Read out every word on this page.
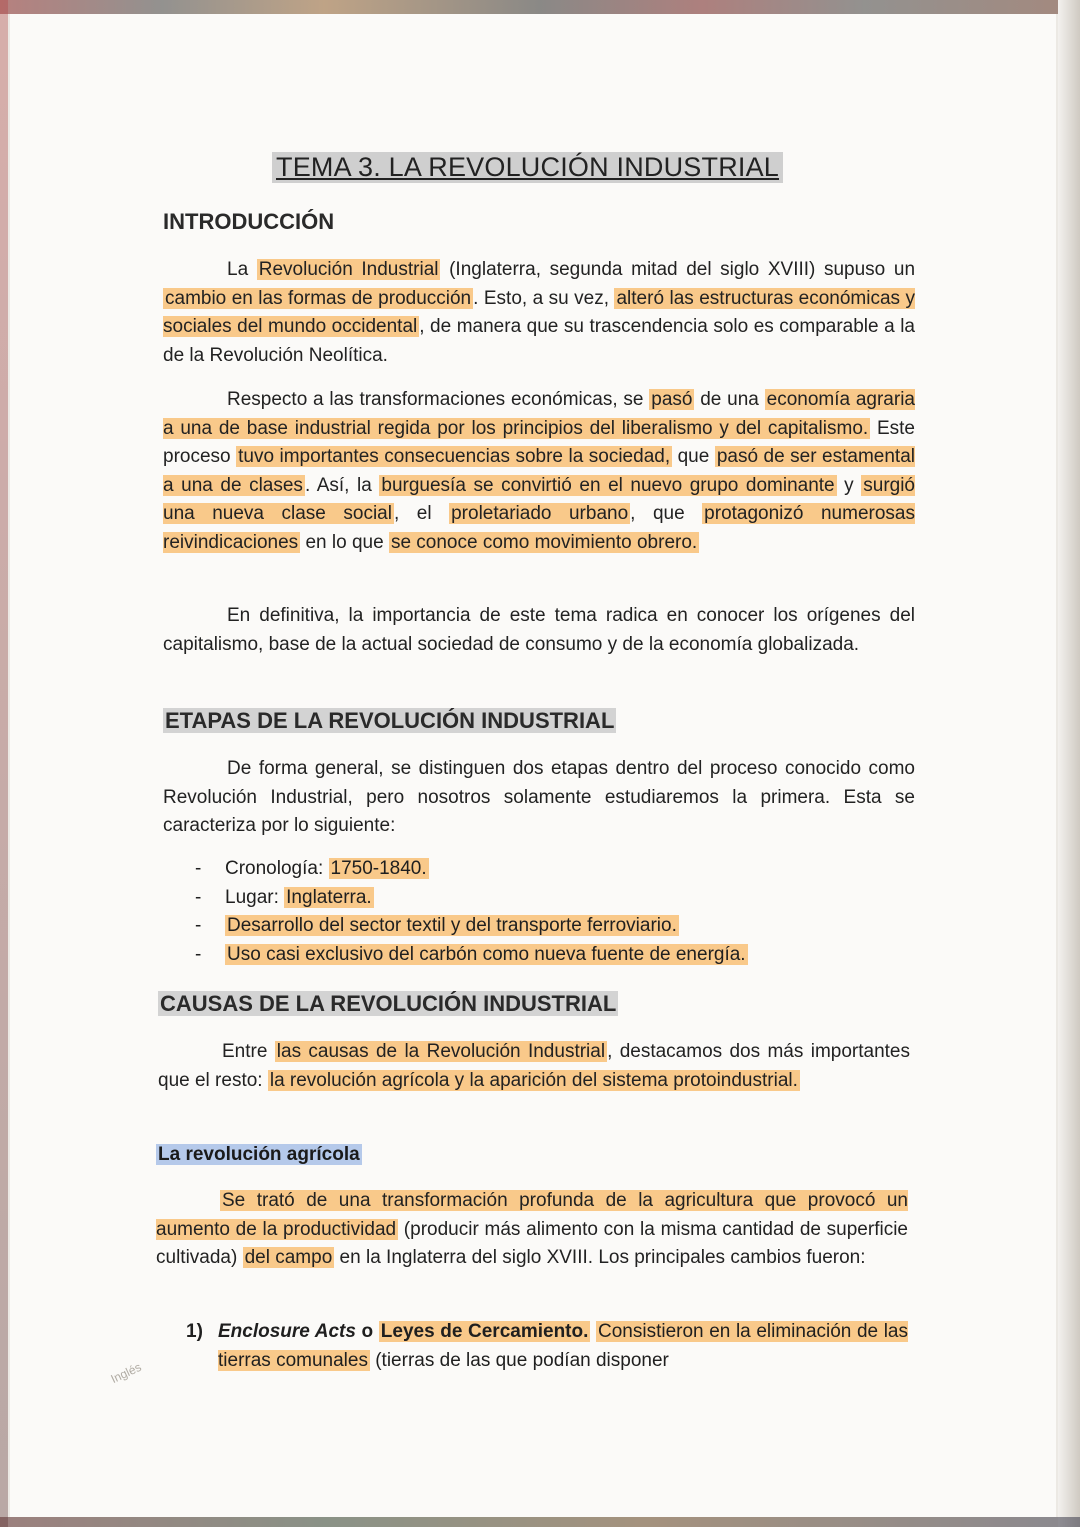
TEMA 3. LA REVOLUCIÓN INDUSTRIAL
INTRODUCCIÓN

La Revolución Industrial (Inglaterra, segunda mitad del siglo XVIII) supuso un cambio en las formas de producción . Esto, a su vez, alteró las estructuras económicas y sociales del mundo occidental , de manera que su trascendencia solo es comparable a la de la Revolución Neolítica.

Respecto a las transformaciones económicas, se pasó de una economía agraria a una de base industrial regida por los principios del liberalismo y del capitalismo. Este proceso tuvo importantes consecuencias sobre la sociedad, que pasó de ser estamental a una de clases . Así, la burguesía se convirtió en el nuevo grupo dominante y surgió una nueva clase social , el proletariado urbano , que protagonizó numerosas reivindicaciones en lo que se conoce como movimiento obrero.

En definitiva, la importancia de este tema radica en conocer los orígenes del capitalismo, base de la actual sociedad de consumo y de la economía globalizada.

ETAPAS DE LA REVOLUCIÓN INDUSTRIAL

De forma general, se distinguen dos etapas dentro del proceso conocido como Revolución Industrial, pero nosotros solamente estudiaremos la primera. Esta se caracteriza por lo siguiente:

- Cronología: 1750-1840.
- Lugar: Inglaterra.
- Desarrollo del sector textil y del transporte ferroviario.
- Uso casi exclusivo del carbón como nueva fuente de energía.
CAUSAS DE LA REVOLUCIÓN INDUSTRIAL

Entre las causas de la Revolución Industrial , destacamos dos más importantes que el resto: la revolución agrícola y la aparición del sistema protoindustrial.

La revolución agrícola

Se trató de una transformación profunda de la agricultura que provocó un aumento de la productividad (producir más alimento con la misma cantidad de superficie cultivada) del campo en la Inglaterra del siglo XVIII. Los principales cambios fueron:

1) Enclosure Acts o Leyes de Cercamiento. Consistieron en la eliminación de las tierras comunales (tierras de las que podían disponer
Inglés
